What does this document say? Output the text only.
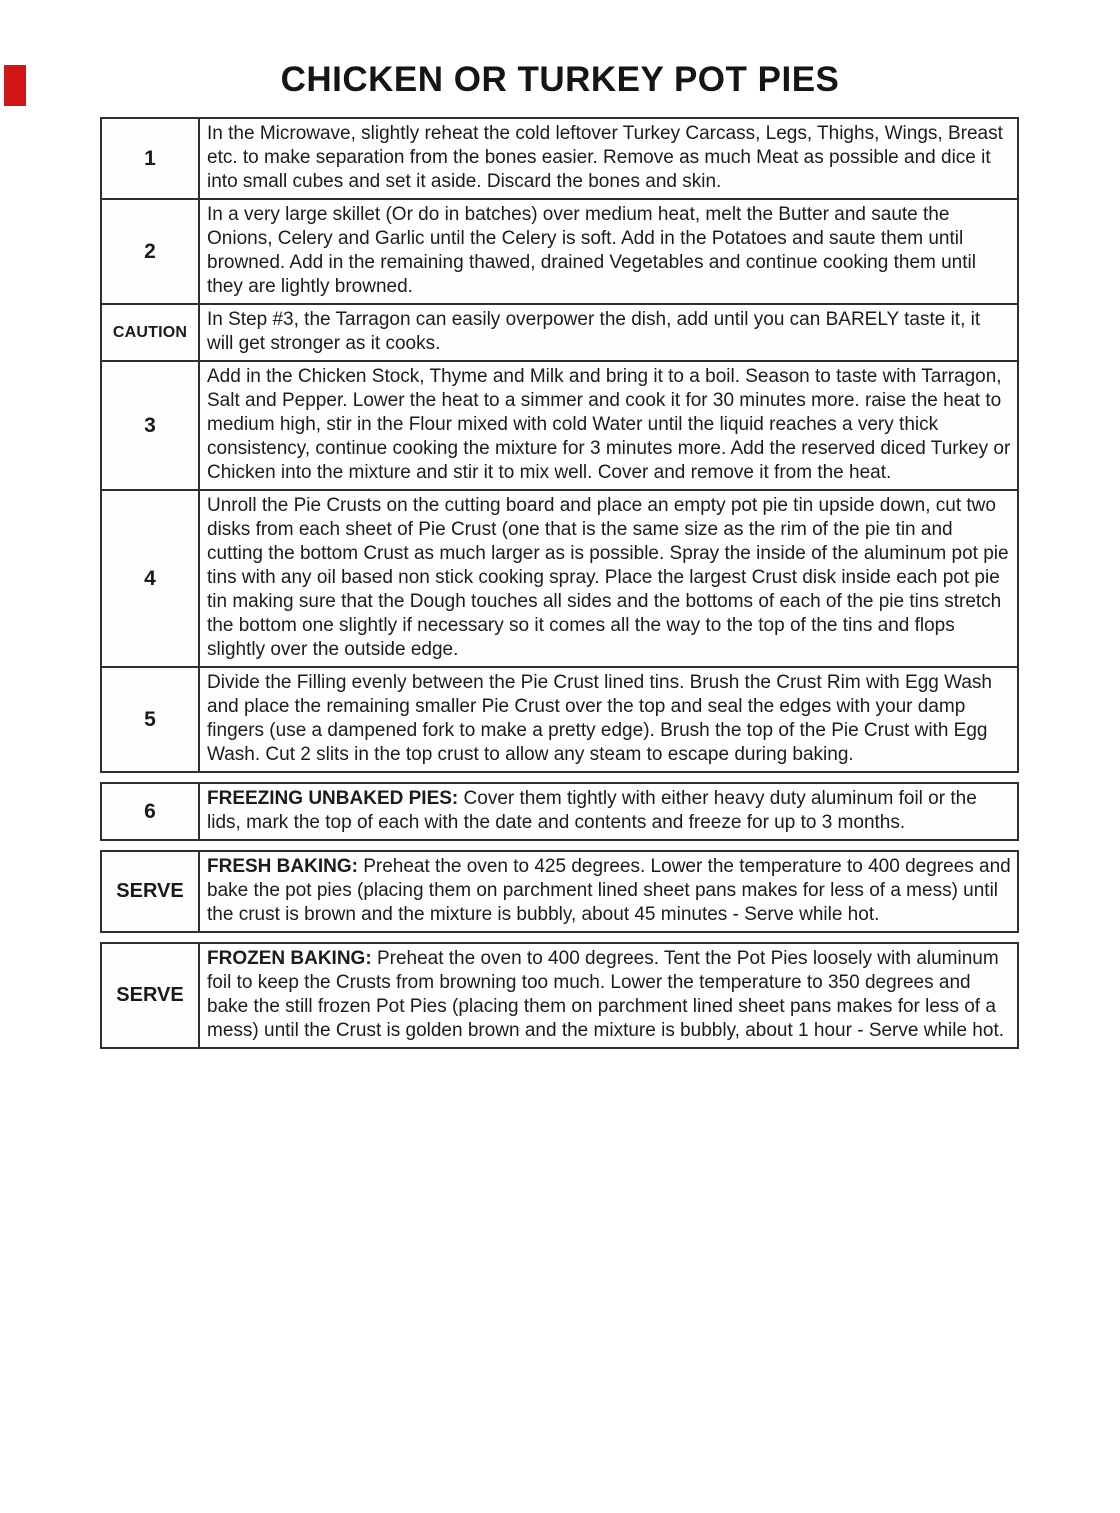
CHICKEN OR TURKEY POT PIES
1
In the Microwave, slightly reheat the cold leftover Turkey Carcass, Legs, Thighs, Wings, Breast etc. to make separation from the bones easier. Remove as much Meat as possible and dice it into small cubes and set it aside. Discard the bones and skin.
2
In a very large skillet (Or do in batches) over medium heat, melt the Butter and saute the Onions, Celery and Garlic until the Celery is soft. Add in the Potatoes and saute them until browned. Add in the remaining thawed, drained Vegetables and continue cooking them until they are lightly browned.
CAUTION
In Step #3, the Tarragon can easily overpower the dish, add until you can BARELY taste it, it will get stronger as it cooks.
3
Add in the Chicken Stock, Thyme and Milk and bring it to a boil. Season to taste with Tarragon, Salt and Pepper. Lower the heat to a simmer and cook it for 30 minutes more. raise the heat to medium high, stir in the Flour mixed with cold Water until the liquid reaches a very thick consistency, continue cooking the mixture for 3 minutes more. Add the reserved diced Turkey or Chicken into the mixture and stir it to mix well. Cover and remove it from the heat.
4
Unroll the Pie Crusts on the cutting board and place an empty pot pie tin upside down, cut two disks from each sheet of Pie Crust (one that is the same size as the rim of the pie tin and cutting the bottom Crust as much larger as is possible. Spray the inside of the aluminum pot pie tins with any oil based non stick cooking spray. Place the largest Crust disk inside each pot pie tin making sure that the Dough touches all sides and the bottoms of each of the pie tins stretch the bottom one slightly if necessary so it comes all the way to the top of the tins and flops slightly over the outside edge.
5
Divide the Filling evenly between the Pie Crust lined tins. Brush the Crust Rim with Egg Wash and place the remaining smaller Pie Crust over the top and seal the edges with your damp fingers (use a dampened fork to make a pretty edge). Brush the top of the Pie Crust with Egg Wash. Cut 2 slits in the top crust to allow any steam to escape during baking.
6
FREEZING UNBAKED PIES: Cover them tightly with either heavy duty aluminum foil or the lids, mark the top of each with the date and contents and freeze for up to 3 months.
SERVE
FRESH BAKING: Preheat the oven to 425 degrees. Lower the temperature to 400 degrees and bake the pot pies (placing them on parchment lined sheet pans makes for less of a mess) until the crust is brown and the mixture is bubbly, about 45 minutes - Serve while hot.
SERVE
FROZEN BAKING: Preheat the oven to 400 degrees. Tent the Pot Pies loosely with aluminum foil to keep the Crusts from browning too much. Lower the temperature to 350 degrees and bake the still frozen Pot Pies (placing them on parchment lined sheet pans makes for less of a mess) until the Crust is golden brown and the mixture is bubbly, about 1 hour - Serve while hot.
